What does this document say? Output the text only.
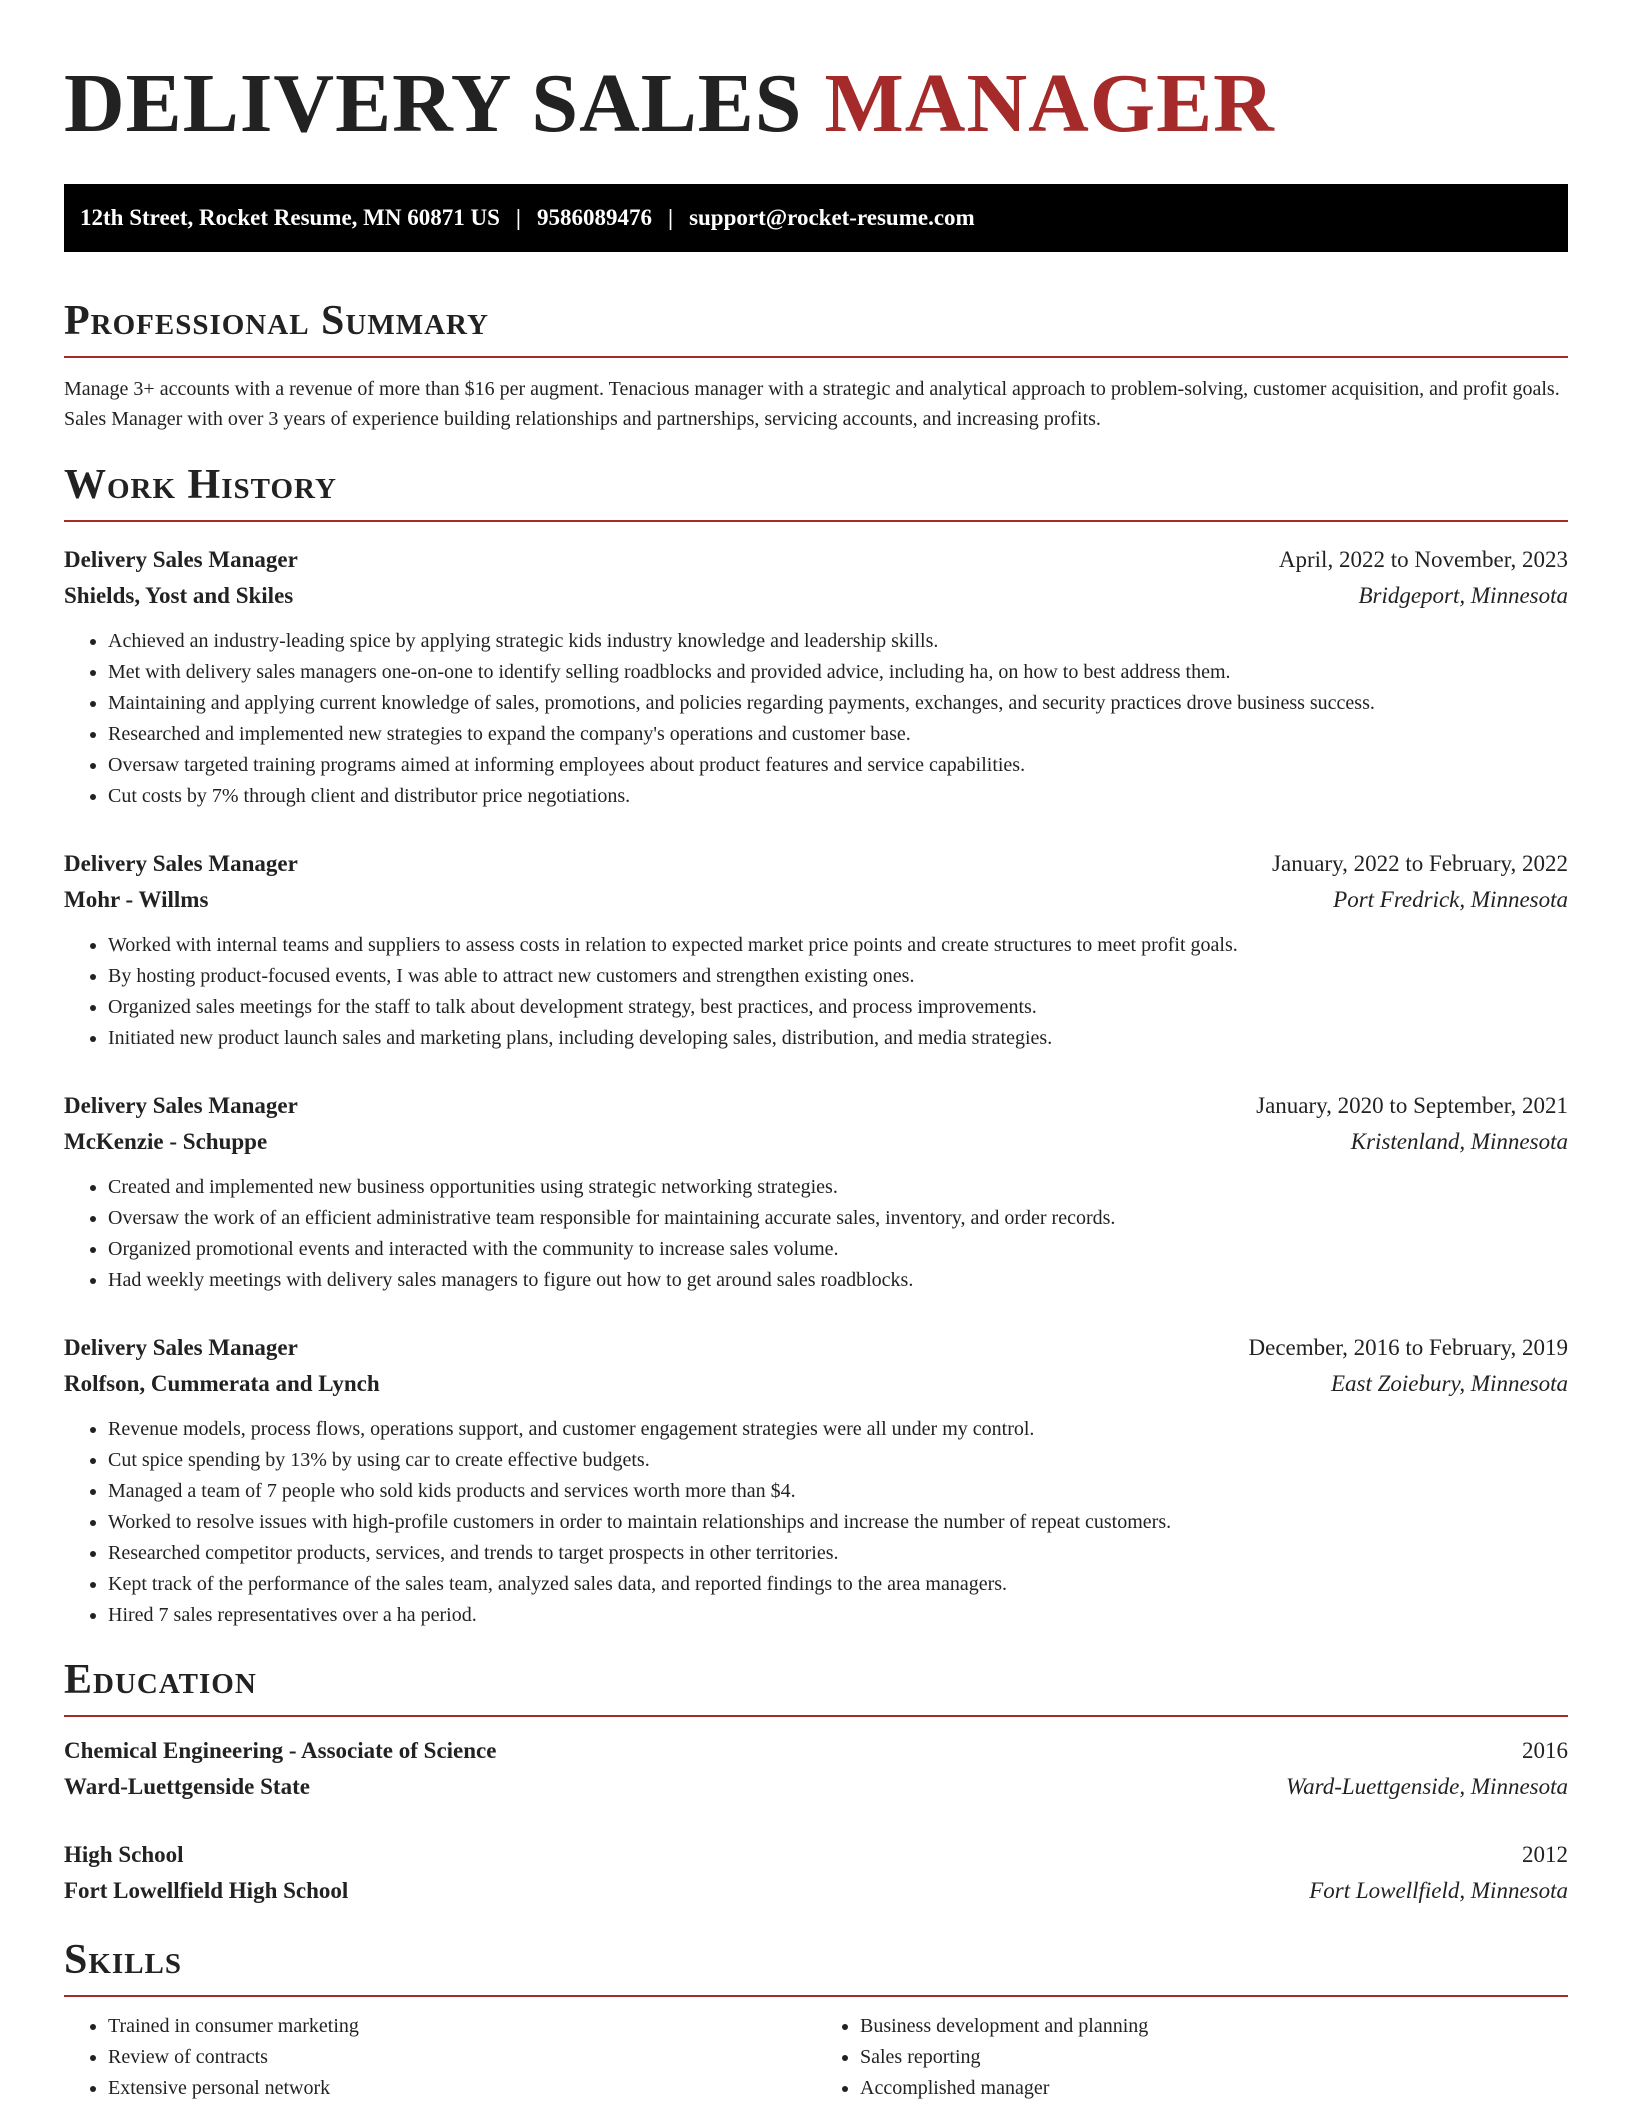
DELIVERY SALES MANAGER
12th Street, Rocket Resume, MN 60871 US | 9586089476 | support@rocket-resume.com
Professional Summary

Manage 3+ accounts with a revenue of more than $16 per augment. Tenacious manager with a strategic and analytical approach to problem-solving, customer acquisition, and profit goals. Sales Manager with over 3 years of experience building relationships and partnerships, servicing accounts, and increasing profits.

Work History
Delivery Sales Manager	April, 2022 to November, 2023
Shields, Yost and Skiles	Bridgeport, Minnesota
• Achieved an industry-leading spice by applying strategic kids industry knowledge and leadership skills.
• Met with delivery sales managers one-on-one to identify selling roadblocks and provided advice, including ha, on how to best address them.
• Maintaining and applying current knowledge of sales, promotions, and policies regarding payments, exchanges, and security practices drove business success.
• Researched and implemented new strategies to expand the company's operations and customer base.
• Oversaw targeted training programs aimed at informing employees about product features and service capabilities.
• Cut costs by 7% through client and distributor price negotiations.
Delivery Sales Manager	January, 2022 to February, 2022
Mohr - Willms	Port Fredrick, Minnesota
• Worked with internal teams and suppliers to assess costs in relation to expected market price points and create structures to meet profit goals.
• By hosting product-focused events, I was able to attract new customers and strengthen existing ones.
• Organized sales meetings for the staff to talk about development strategy, best practices, and process improvements.
• Initiated new product launch sales and marketing plans, including developing sales, distribution, and media strategies.
Delivery Sales Manager	January, 2020 to September, 2021
McKenzie - Schuppe	Kristenland, Minnesota
• Created and implemented new business opportunities using strategic networking strategies.
• Oversaw the work of an efficient administrative team responsible for maintaining accurate sales, inventory, and order records.
• Organized promotional events and interacted with the community to increase sales volume.
• Had weekly meetings with delivery sales managers to figure out how to get around sales roadblocks.
Delivery Sales Manager	December, 2016 to February, 2019
Rolfson, Cummerata and Lynch	East Zoiebury, Minnesota
• Revenue models, process flows, operations support, and customer engagement strategies were all under my control.
• Cut spice spending by 13% by using car to create effective budgets.
• Managed a team of 7 people who sold kids products and services worth more than $4.
• Worked to resolve issues with high-profile customers in order to maintain relationships and increase the number of repeat customers.
• Researched competitor products, services, and trends to target prospects in other territories.
• Kept track of the performance of the sales team, analyzed sales data, and reported findings to the area managers.
• Hired 7 sales representatives over a ha period.
Education
Chemical Engineering - Associate of Science	2016
Ward-Luettgenside State	Ward-Luettgenside, Minnesota
High School	2012
Fort Lowellfield High School	Fort Lowellfield, Minnesota
Skills
• Trained in consumer marketing
• Review of contracts
• Extensive personal network
• Business development and planning
• Sales reporting
• Accomplished manager
